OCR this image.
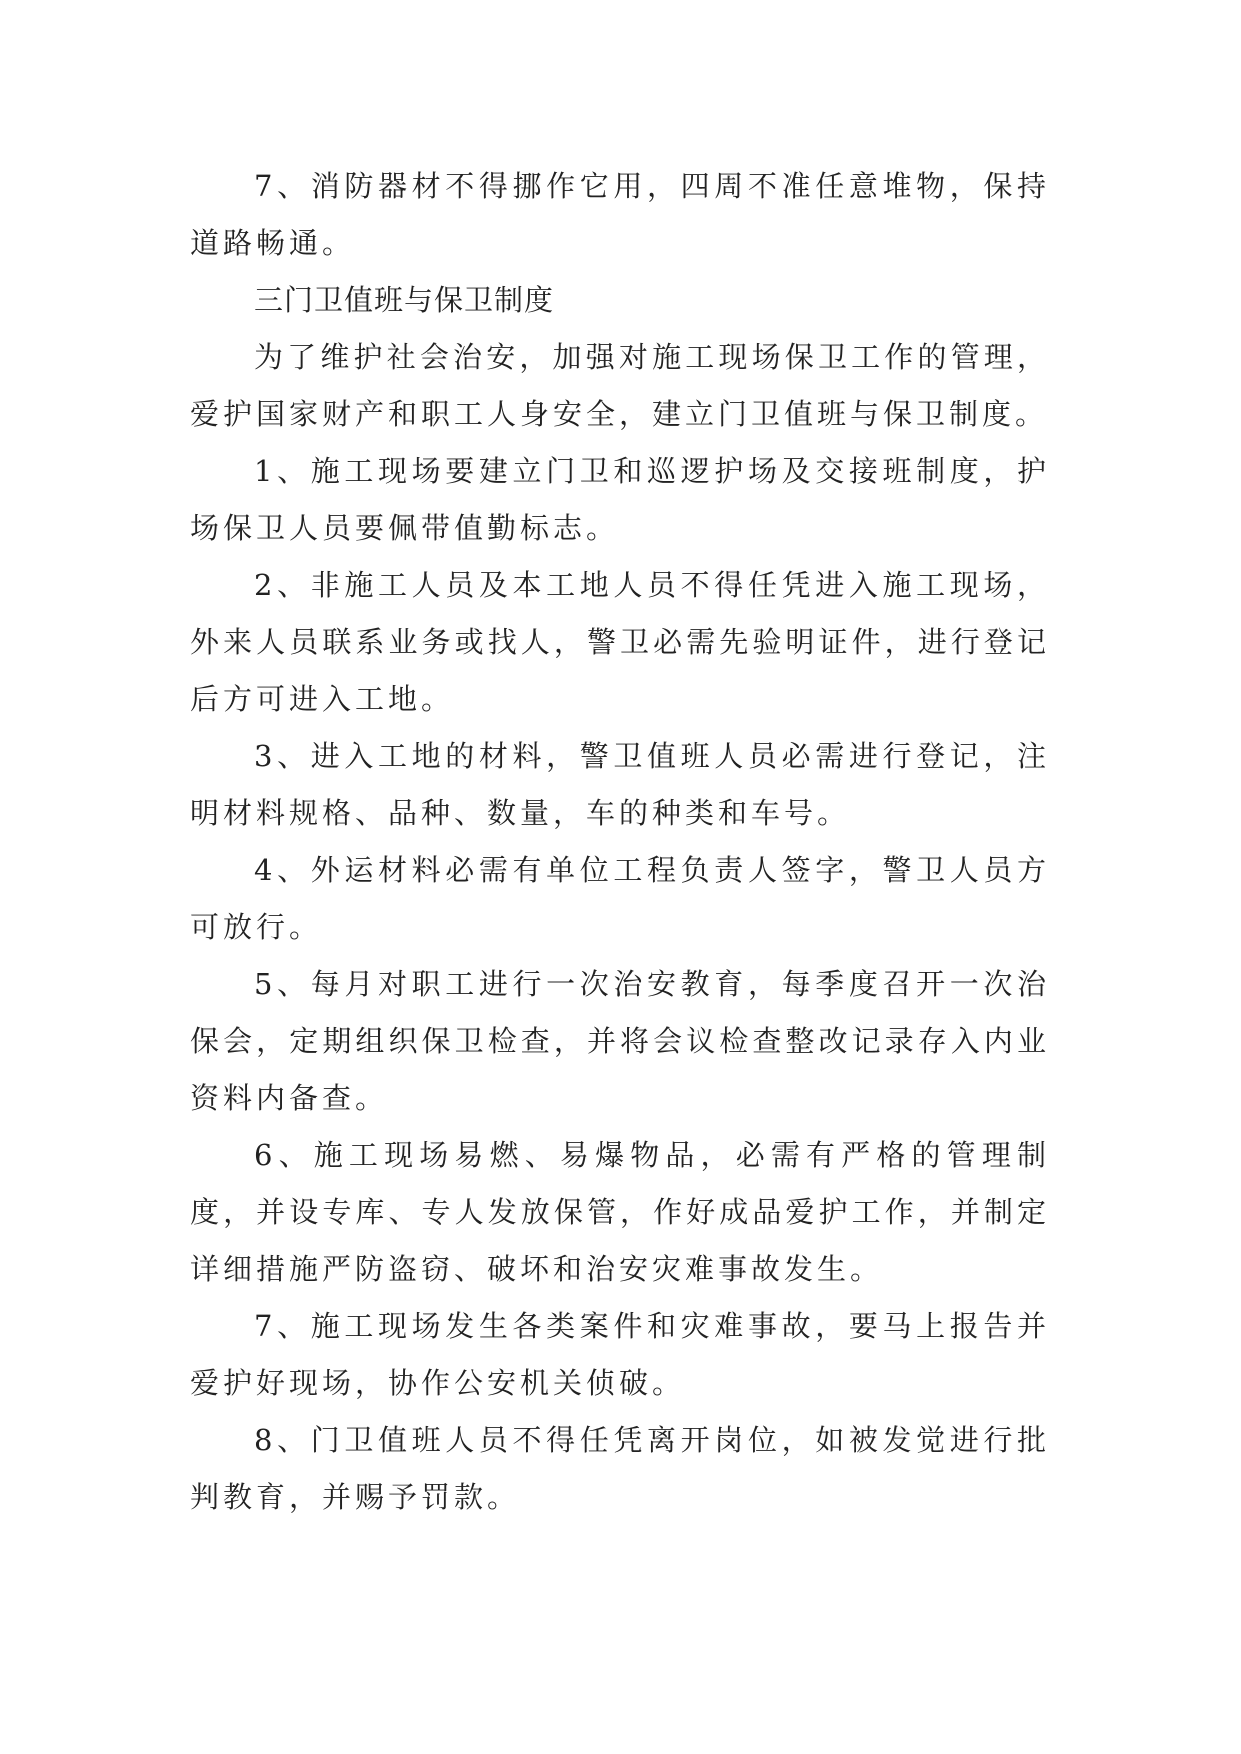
7、消防器材不得挪作它用，四周不准任意堆物，保持道路畅通。

三门卫值班与保卫制度

为了维护社会治安，加强对施工现场保卫工作的管理，爱护国家财产和职工人身安全，建立门卫值班与保卫制度。

1、施工现场要建立门卫和巡逻护场及交接班制度，护场保卫人员要佩带值勤标志。

2、非施工人员及本工地人员不得任凭进入施工现场，外来人员联系业务或找人，警卫必需先验明证件，进行登记后方可进入工地。

3、进入工地的材料，警卫值班人员必需进行登记，注明材料规格、品种、数量，车的种类和车号。

4、外运材料必需有单位工程负责人签字，警卫人员方可放行。

5、每月对职工进行一次治安教育，每季度召开一次治保会，定期组织保卫检查，并将会议检查整改记录存入内业资料内备查。

6、施工现场易燃、易爆物品，必需有严格的管理制度，并设专库、专人发放保管，作好成品爱护工作，并制定详细措施严防盗窃、破坏和治安灾难事故发生。

7、施工现场发生各类案件和灾难事故，要马上报告并爱护好现场，协作公安机关侦破。

8、门卫值班人员不得任凭离开岗位，如被发觉进行批判教育，并赐予罚款。
